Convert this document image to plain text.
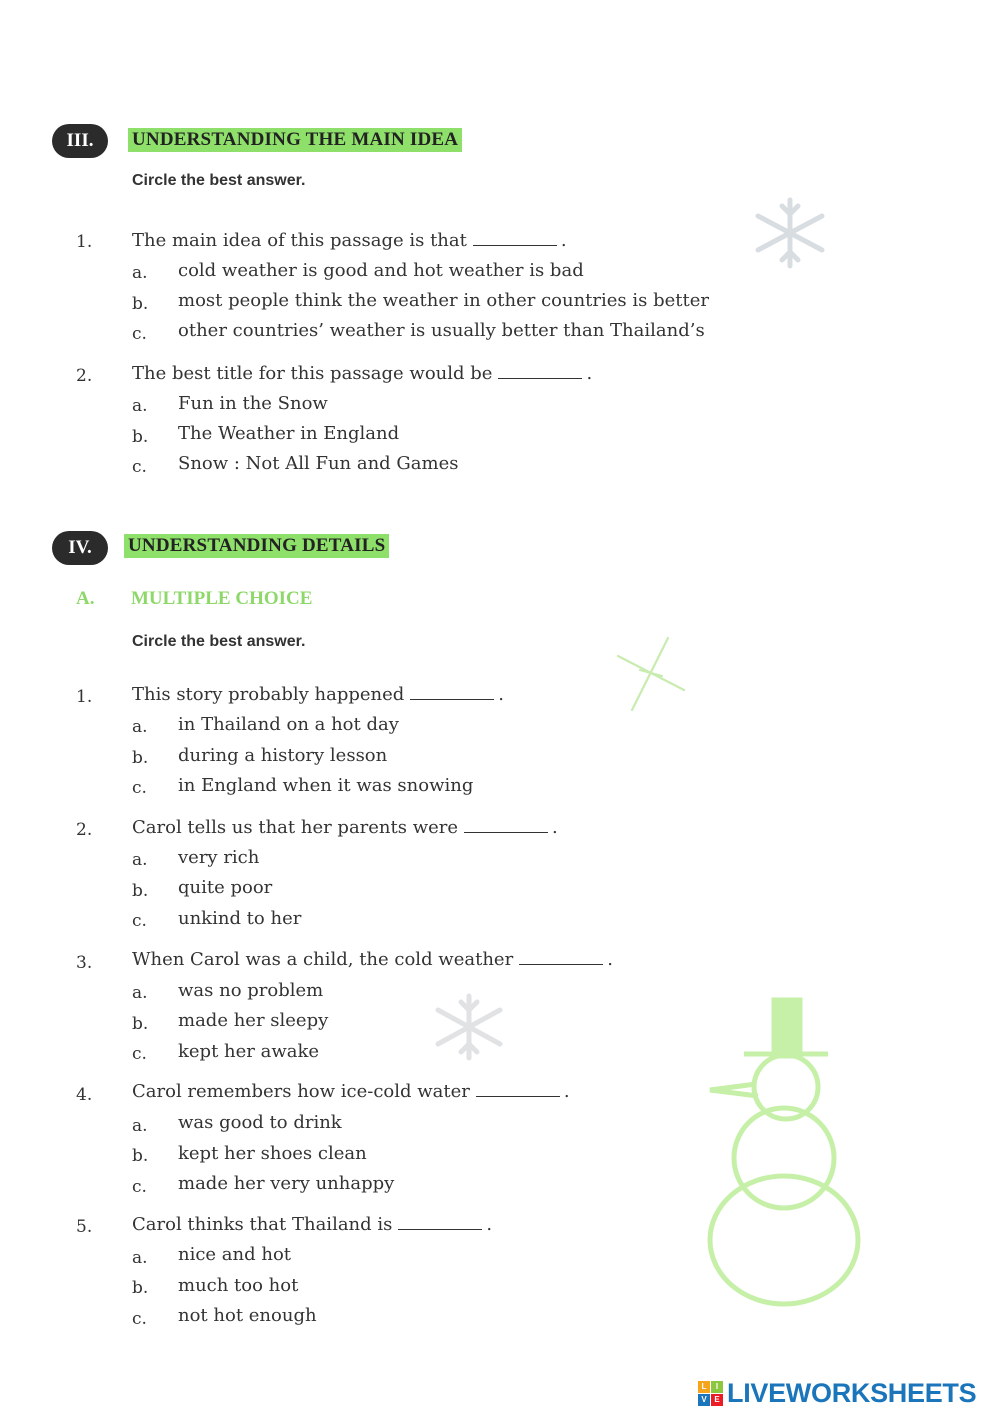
III.	UNDERSTANDING THE MAIN IDEA
Circle the best answer.
1. The main idea of this passage is that	.
a. cold weather is good and hot weather is bad
b. most people think the weather in other countries is better
c. other countries’ weather is usually better than Thailand’s
2. The best title for this passage would be	.
a. Fun in the Snow
b. The Weather in England
c. Snow : Not All Fun and Games
IV.	UNDERSTANDING DETAILS
A. MULTIPLE CHOICE
Circle the best answer.
1. This story probably happened	.
a. in Thailand on a hot day
b. during a history lesson
c. in England when it was snowing
2. Carol tells us that her parents were	.
a. very rich
b. quite poor
c. unkind to her
3. When Carol was a child, the cold weather	.
a. was no problem
b. made her sleepy
c. kept her awake
4. Carol remembers how ice-cold water	.
a. was good to drink
b. kept her shoes clean
c. made her very unhappy
5. Carol thinks that Thailand is	.
a. nice and hot
b. much too hot
c. not hot enough
L	I
V E LIVEWORKSHEETS
